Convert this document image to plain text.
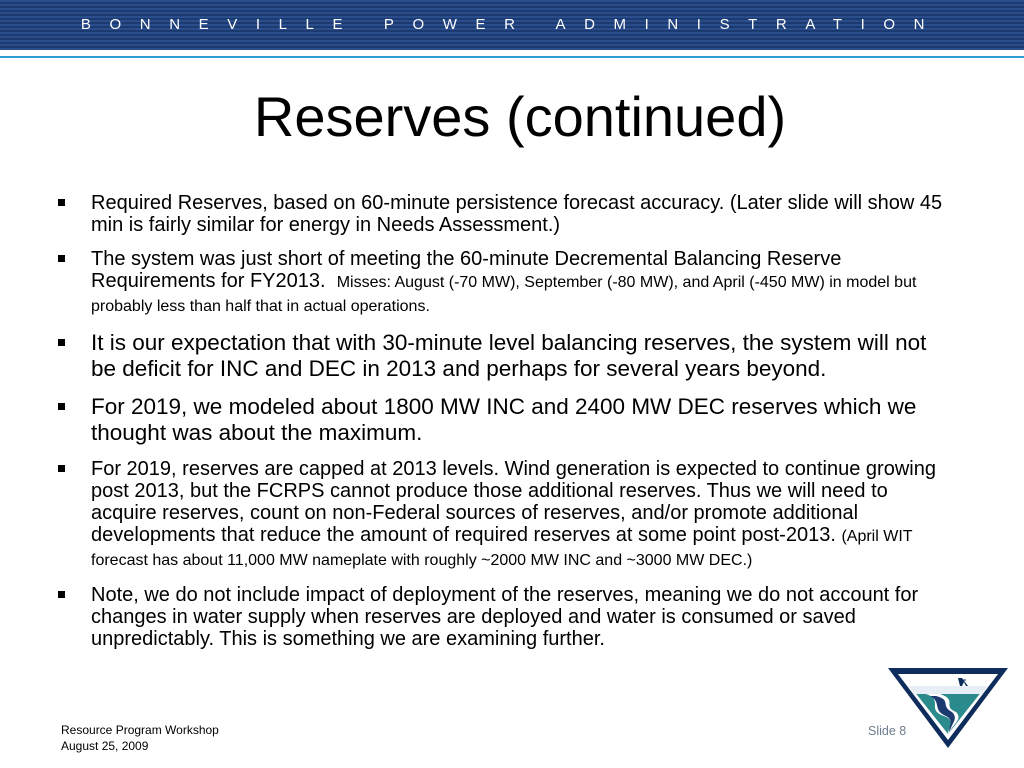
BONNEVILLE POWER ADMINISTRATION
Reserves (continued)
Required Reserves, based on 60-minute persistence forecast accuracy. (Later slide will show 45 min is fairly similar for energy in Needs Assessment.)
The system was just short of meeting the 60-minute Decremental Balancing Reserve Requirements for FY2013. Misses: August (-70 MW), September (-80 MW), and April (-450 MW) in model but probably less than half that in actual operations.
It is our expectation that with 30-minute level balancing reserves, the system will not be deficit for INC and DEC in 2013 and perhaps for several years beyond.
For 2019, we modeled about 1800 MW INC and 2400 MW DEC reserves which we thought was about the maximum.
For 2019, reserves are capped at 2013 levels. Wind generation is expected to continue growing post 2013, but the FCRPS cannot produce those additional reserves. Thus we will need to acquire reserves, count on non-Federal sources of reserves, and/or promote additional developments that reduce the amount of required reserves at some point post-2013. (April WIT forecast has about 11,000 MW nameplate with roughly ~2000 MW INC and ~3000 MW DEC.)
Note, we do not include impact of deployment of the reserves, meaning we do not account for changes in water supply when reserves are deployed and water is consumed or saved unpredictably. This is something we are examining further.
Resource Program Workshop
August 25, 2009
Slide 8
